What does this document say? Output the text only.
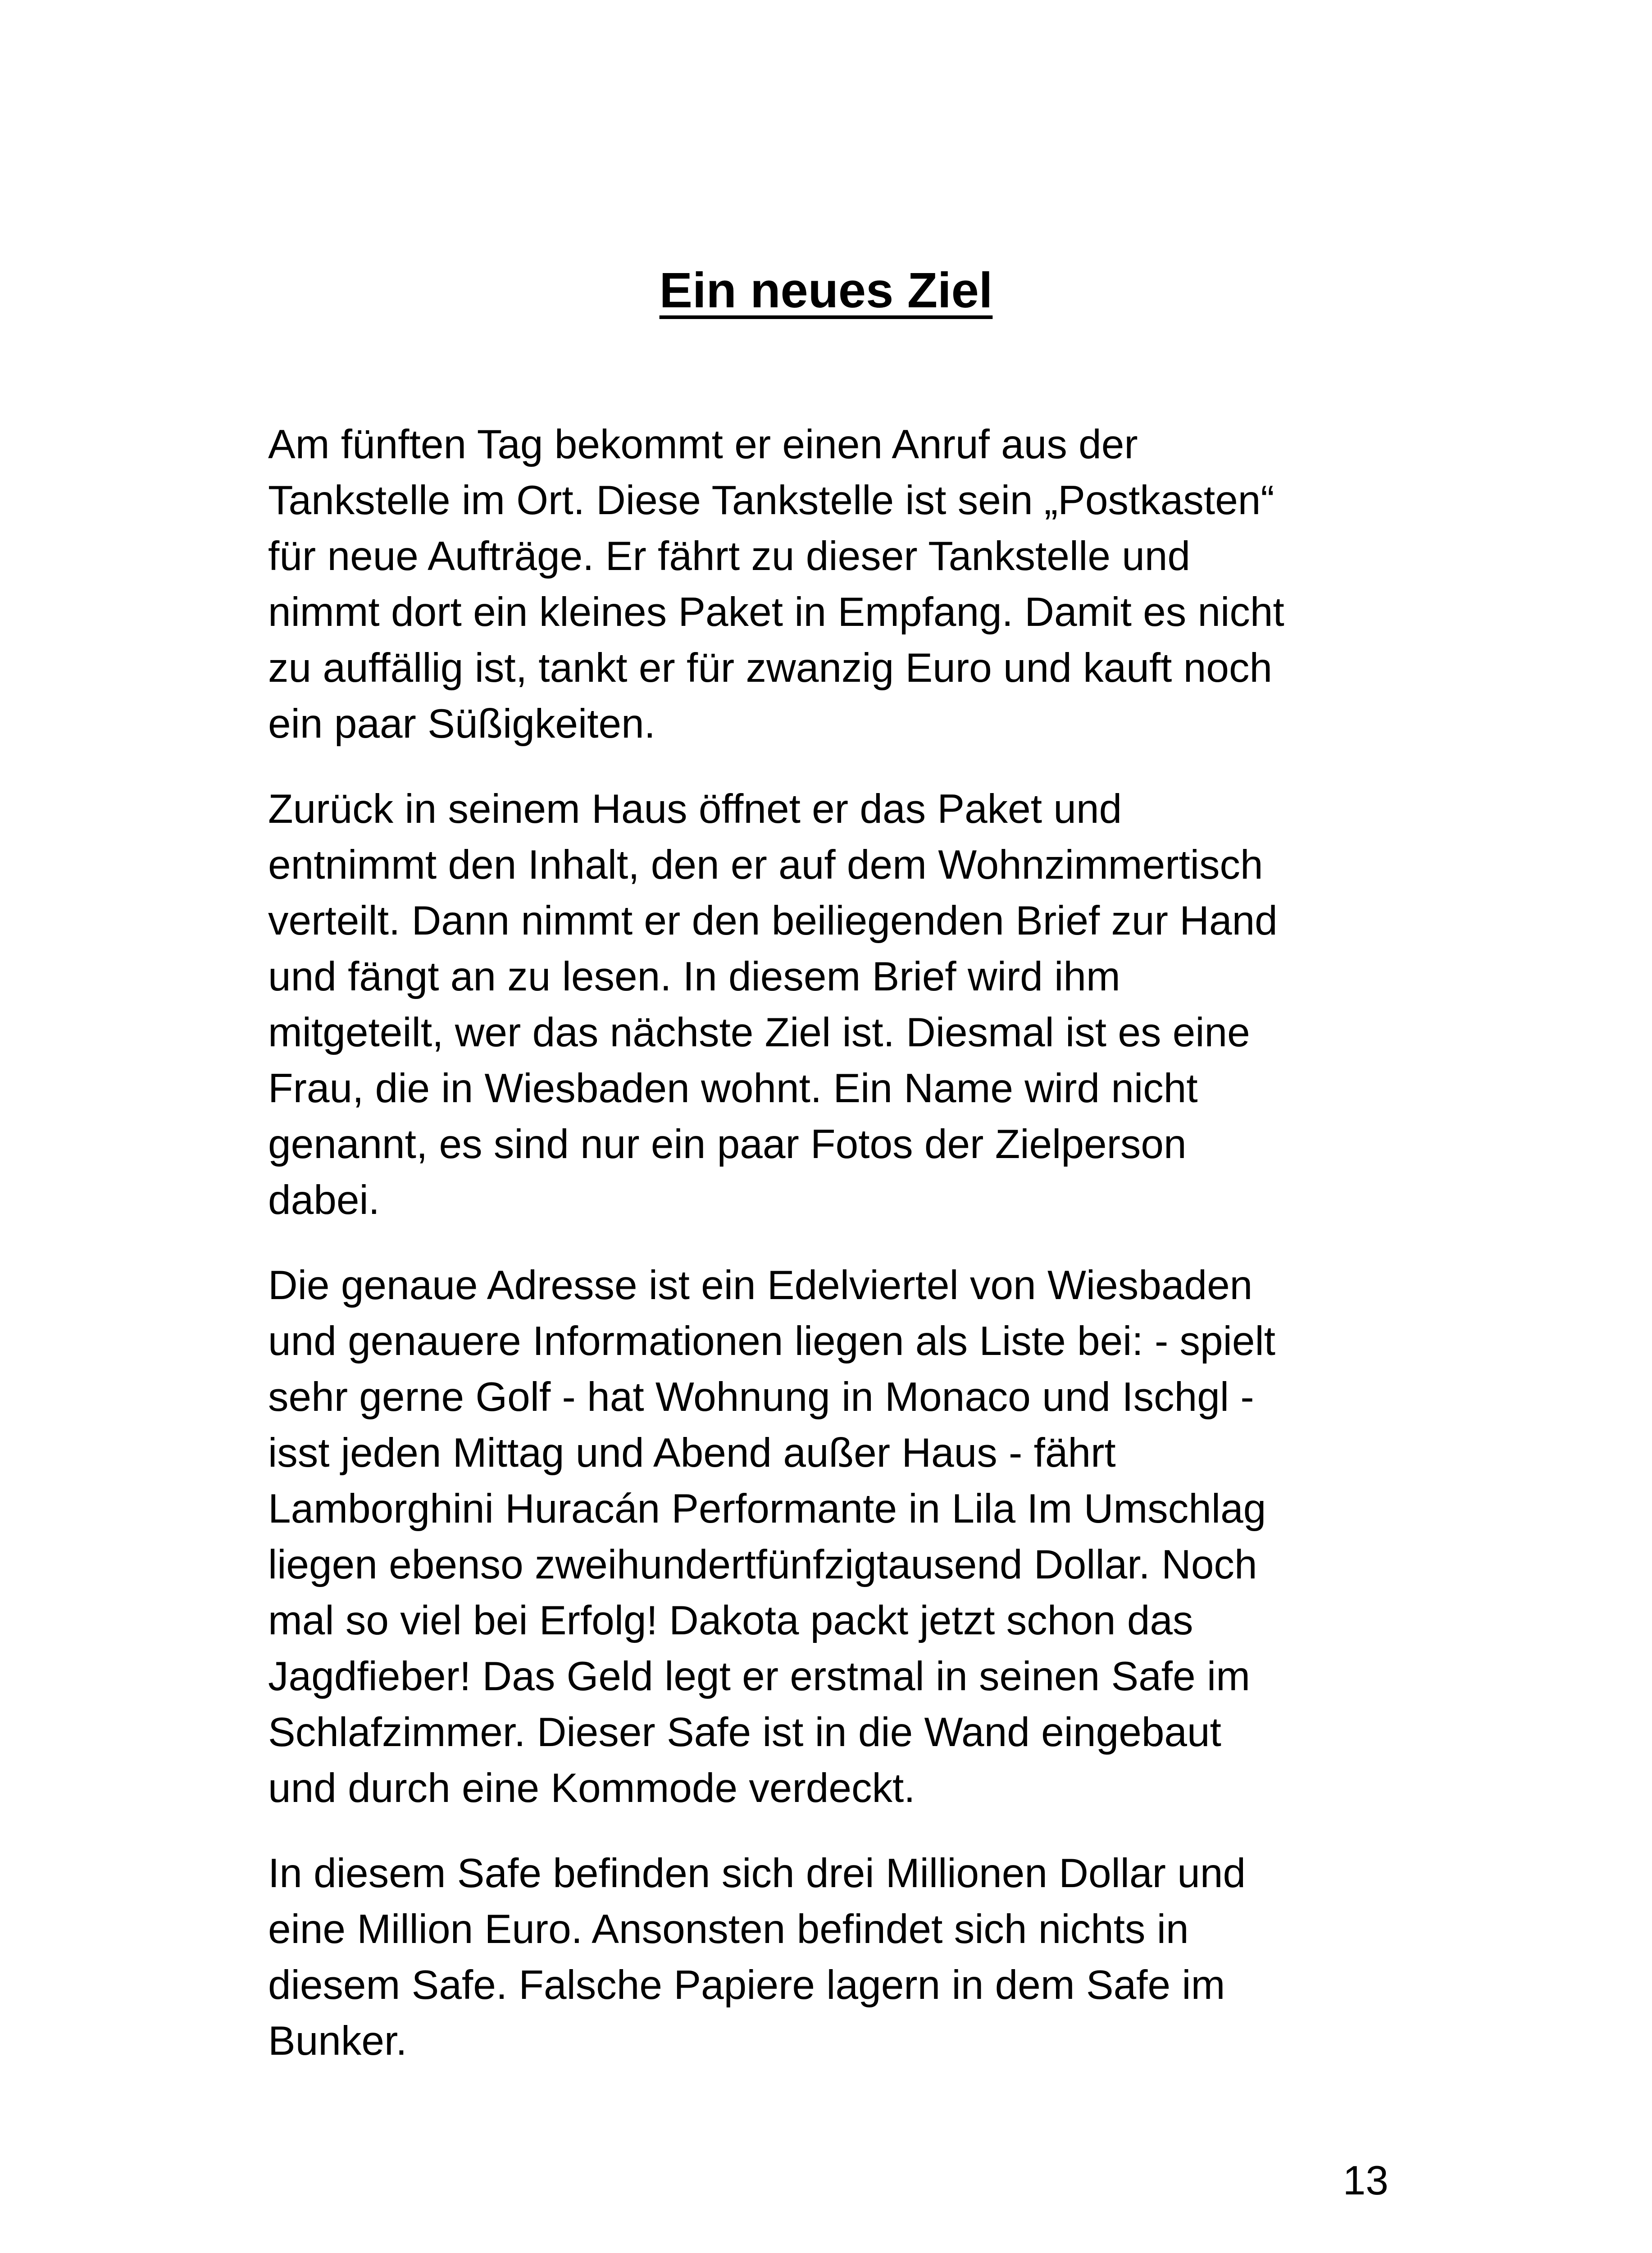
Ein neues Ziel

Am fünften Tag bekommt er einen Anruf aus der
Tankstelle im Ort. Diese Tankstelle ist sein „Postkasten“
für neue Aufträge. Er fährt zu dieser Tankstelle und
nimmt dort ein kleines Paket in Empfang. Damit es nicht
zu auffällig ist, tankt er für zwanzig Euro und kauft noch
ein paar Süßigkeiten.

Zurück in seinem Haus öffnet er das Paket und
entnimmt den Inhalt, den er auf dem Wohnzimmertisch
verteilt. Dann nimmt er den beiliegenden Brief zur Hand
und fängt an zu lesen. In diesem Brief wird ihm
mitgeteilt, wer das nächste Ziel ist. Diesmal ist es eine
Frau, die in Wiesbaden wohnt. Ein Name wird nicht
genannt, es sind nur ein paar Fotos der Zielperson
dabei.

Die genaue Adresse ist ein Edelviertel von Wiesbaden
und genauere Informationen liegen als Liste bei: - spielt
sehr gerne Golf - hat Wohnung in Monaco und Ischgl -
isst jeden Mittag und Abend außer Haus - fährt
Lamborghini Huracán Performante in Lila Im Umschlag
liegen ebenso zweihundertfünfzigtausend Dollar. Noch
mal so viel bei Erfolg! Dakota packt jetzt schon das
Jagdfieber! Das Geld legt er erstmal in seinen Safe im
Schlafzimmer. Dieser Safe ist in die Wand eingebaut
und durch eine Kommode verdeckt.

In diesem Safe befinden sich drei Millionen Dollar und
eine Million Euro. Ansonsten befindet sich nichts in
diesem Safe. Falsche Papiere lagern in dem Safe im
Bunker.

13
